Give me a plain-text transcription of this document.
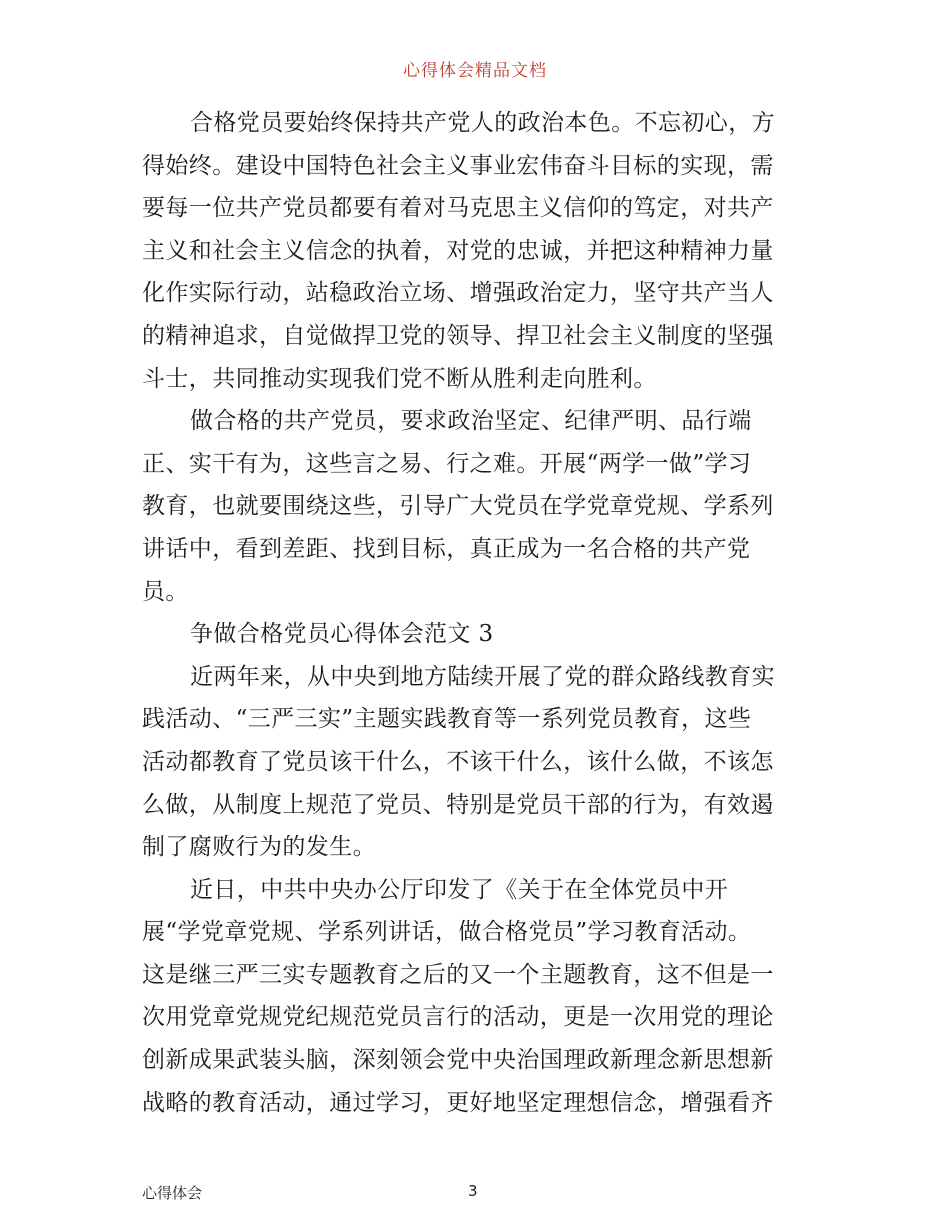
心得体会精品文档
合格党员要始终保持共产党人的政治本色。不忘初心，方
得始终。建设中国特色社会主义事业宏伟奋斗目标的实现，需
要每一位共产党员都要有着对马克思主义信仰的笃定，对共产
主义和社会主义信念的执着，对党的忠诚，并把这种精神力量
化作实际行动，站稳政治立场、增强政治定力，坚守共产当人
的精神追求，自觉做捍卫党的领导、捍卫社会主义制度的坚强
斗士，共同推动实现我们党不断从胜利走向胜利。
做合格的共产党员，要求政治坚定、纪律严明、品行端
正、实干有为，这些言之易、行之难。开展“两学一做”学习
教育，也就要围绕这些，引导广大党员在学党章党规、学系列
讲话中，看到差距、找到目标，真正成为一名合格的共产党
员。
争做合格党员心得体会范文 3
近两年来，从中央到地方陆续开展了党的群众路线教育实
践活动、“三严三实”主题实践教育等一系列党员教育，这些
活动都教育了党员该干什么，不该干什么，该什么做，不该怎
么做，从制度上规范了党员、特别是党员干部的行为，有效遏
制了腐败行为的发生。
近日，中共中央办公厅印发了《关于在全体党员中开
展“学党章党规、学系列讲话，做合格党员”学习教育活动。
这是继三严三实专题教育之后的又一个主题教育，这不但是一
次用党章党规党纪规范党员言行的活动，更是一次用党的理论
创新成果武装头脑，深刻领会党中央治国理政新理念新思想新
战略的教育活动，通过学习，更好地坚定理想信念，增强看齐
心得体会	3
